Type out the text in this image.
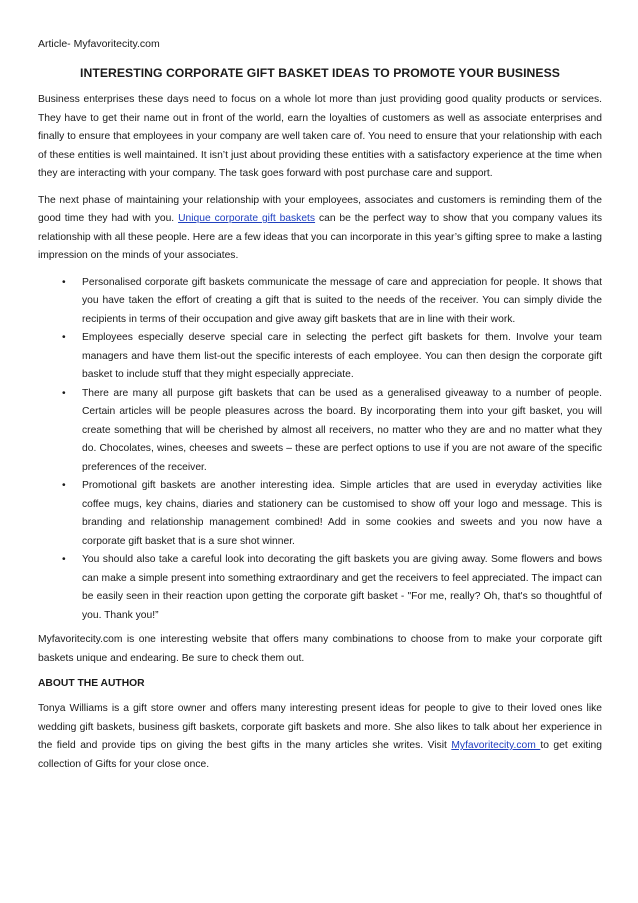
Article- Myfavoritecity.com
INTERESTING CORPORATE GIFT BASKET IDEAS TO PROMOTE YOUR BUSINESS

Business enterprises these days need to focus on a whole lot more than just providing good quality products or services. They have to get their name out in front of the world, earn the loyalties of customers as well as associate enterprises and finally to ensure that employees in your company are well taken care of. You need to ensure that your relationship with each of these entities is well maintained. It isn’t just about providing these entities with a satisfactory experience at the time when they are interacting with your company. The task goes forward with post purchase care and support.

The next phase of maintaining your relationship with your employees, associates and customers is reminding them of the good time they had with you. Unique corporate gift baskets can be the perfect way to show that you company values its relationship with all these people. Here are a few ideas that you can incorporate in this year’s gifting spree to make a lasting impression on the minds of your associates.

• Personalised corporate gift baskets communicate the message of care and appreciation for people. It shows that you have taken the effort of creating a gift that is suited to the needs of the receiver. You can simply divide the recipients in terms of their occupation and give away gift baskets that are in line with their work.
• Employees especially deserve special care in selecting the perfect gift baskets for them. Involve your team managers and have them list-out the specific interests of each employee. You can then design the corporate gift basket to include stuff that they might especially appreciate.
• There are many all purpose gift baskets that can be used as a generalised giveaway to a number of people. Certain articles will be people pleasures across the board. By incorporating them into your gift basket, you will create something that will be cherished by almost all receivers, no matter who they are and no matter what they do. Chocolates, wines, cheeses and sweets – these are perfect options to use if you are not aware of the specific preferences of the receiver.
• Promotional gift baskets are another interesting idea. Simple articles that are used in everyday activities like coffee mugs, key chains, diaries and stationery can be customised to show off your logo and message. This is branding and relationship management combined! Add in some cookies and sweets and you now have a corporate gift basket that is a sure shot winner.
• You should also take a careful look into decorating the gift baskets you are giving away. Some flowers and bows can make a simple present into something extraordinary and get the receivers to feel appreciated. The impact can be easily seen in their reaction upon getting the corporate gift basket - "For me, really? Oh, that's so thoughtful of you. Thank you!”

Myfavoritecity.com is one interesting website that offers many combinations to choose from to make your corporate gift baskets unique and endearing. Be sure to check them out.

ABOUT THE AUTHOR

Tonya Williams is a gift store owner and offers many interesting present ideas for people to give to their loved ones like wedding gift baskets, business gift baskets, corporate gift baskets and more. She also likes to talk about her experience in the field and provide tips on giving the best gifts in the many articles she writes. Visit Myfavoritecity.com to get exiting collection of Gifts for your close once.
